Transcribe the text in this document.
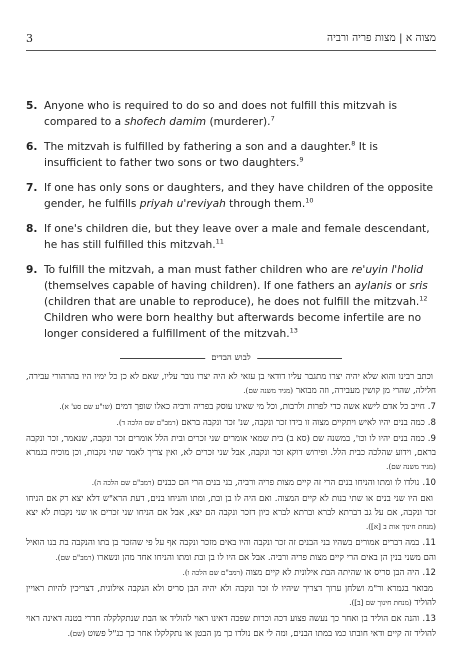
3	מצוה א | מצות פריה ורביה
5. Anyone who is required to do so and does not fulfill this mitzvah is compared to a shofech damim (murderer).$^7$
6. The mitzvah is fulfilled by fathering a son and a daughter.$^8$ It is insufficient to father two sons or two daughters.$^9$
7. If one has only sons or daughters, and they have children of the opposite gender, he fulfills priyah u'reviyah through them.$^{10}$
8. If one's children die, but they leave over a male and female descendant, he has still fulfilled this mitzvah.$^{11}$
9. To fulfill the mitzvah, a man must father children who are re'uyin l'holid (themselves capable of having children). If one fathers an aylanis or sris (children that are unable to reproduce), he does not fulfill the mitzvah.$^{12}$ Children who were born healthy but afterwards become infertile are no longer considered a fulfillment of the mitzvah.$^{13}$
לבוש הבדים

וכתב רבינו והוא שלא יהיה יצרו מתגבר עליו דודאי בן עזאי לא היה יצרו גובר עליו, שאם לא כן כל ימיו היו בהרהורי עבירה, חלילה, שהרי מן קושין מעבירה, וזה מבואר (מגיד משנה שם).

7.חייב כל אדם לישא אשה כדי לפרות ולרבות, וכל מי שאינו עוסק בפריה ורביה כאלו שופך דמים (שו"ע שם סע' א).

8.כמה בנים יהיו לאיש ויתקיים מצוה זו בידו זכר ונקבה, שנ' זכר ונקבה בראם (רמב"ם שם הלכה ד).

9.כמה בנים יהיו לו וכו', במשנה שם (סא ב) בית שמאי אומרים שני זכרים ובית הלל אומרים זכר ונקבה, שנאמר, זכר ונקבה בראם, וידוע שהלכה כבית הלל. ופירוש דוקא זכר ונקבה, אבל שני זכרים לא, ואין צריך לאמר שתי נקבות, וכן מוכיח בגמרא (מגיד משנה שם).

10.נולדו לו ומתו והניחו בנים הרי זה קיים מצות פריה ורביה, בני בנים הרי הם כבנים (רמב"ם שם הלכה ה).

ואם היו שני בנים או שתי בנות לא קיים המצוה. ואם היה לו בן ובת, ומתו והניחו בנים, דעת הרא"ש דלא יצא רק אם הניחו זכר ונקבה, אם על גב דברתא לברא וברתא לברא כיון דזכר ונקבה הם יצא, אבל אם הניחו שני זכרים או שני נקבות לא יצא (מנחת חינוך אות ב [א]).

11.במה דברים אמורים בשהיו בני הבנים זה זכר ונקבה והיו באים מזכר ונקבה אף על פי שהזכר בן בתו והנקבה בת בנו הואיל והם משני בנין הן באים הרי קיים מצות פריה ורביה. אבל אם היו לו בן ובת ומתו והניחו אחד מהן ונשארו (רמב"ם שם).

12.היה הבן סריס או שהיתה הבת אילונית לא קיים מצוה (רמב"ם שם הלכה ו).

מבואר בגמרא ור"מ ושלחן ערוך דצריך שיהיו לו זכר ונקבה ולא יהיה הבן סריס ולא הנקבה אילונית, דצריכין להיות ראויין להוליד (מנחת חינוך שם [ב]).

13.והנה אם הוליד בן ואחר כך נעשה פצוע דכה וכרות שפכה דאינו ראוי להוליד או הבת שנתקלקלה חדרי בטנה דאינה ראוי להוליד זה קיים ודאי חובתו כמו במתו הבנים, ומה לי אם נולדו כך מן הבטן או נתקלקלו אחר כך כנ"ל פשוט (שם).
